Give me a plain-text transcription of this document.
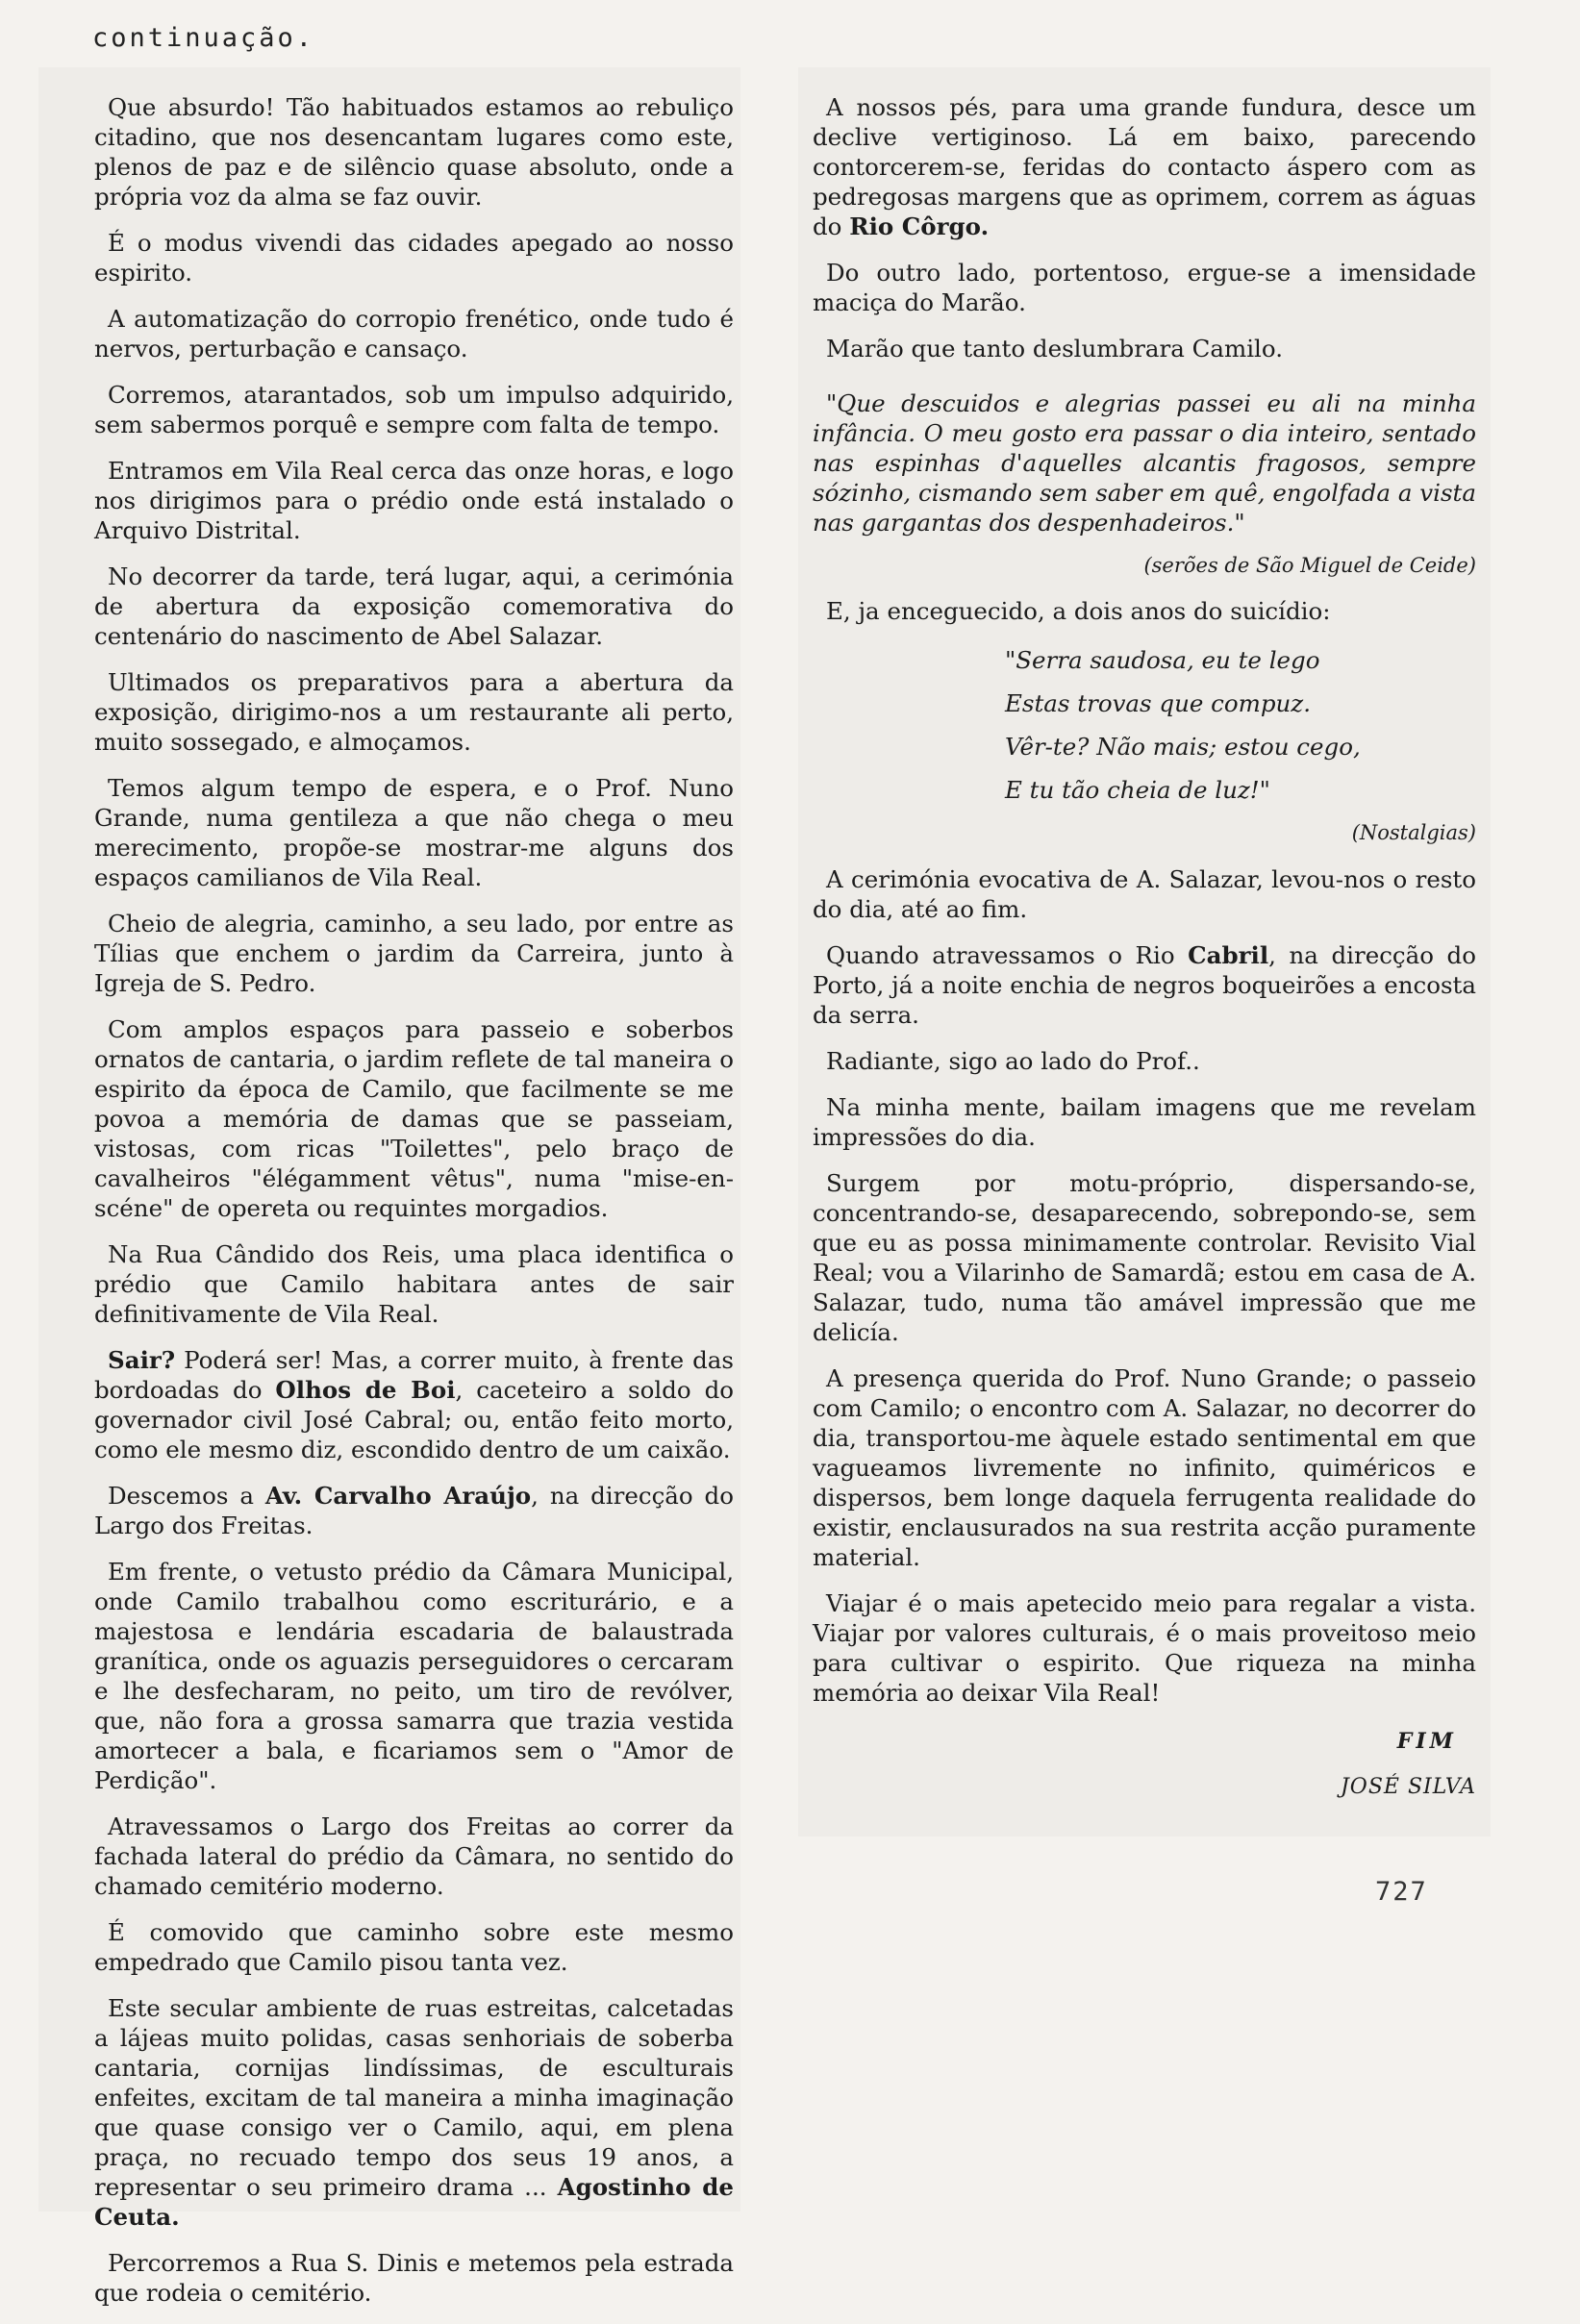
continuação.

Que absurdo! Tão habituados estamos ao rebuliço citadino, que nos desencantam lugares como este, plenos de paz e de silêncio quase absoluto, onde a própria voz da alma se faz ouvir.

É o modus vivendi das cidades apegado ao nosso espirito.

A automatização do corropio frenético, onde tudo é nervos, perturbação e cansaço.

Corremos, atarantados, sob um impulso adquirido, sem sabermos porquê e sempre com falta de tempo.

Entramos em Vila Real cerca das onze horas, e logo nos dirigimos para o prédio onde está instalado o Arquivo Distrital.

No decorrer da tarde, terá lugar, aqui, a cerimónia de abertura da exposição comemorativa do centenário do nascimento de Abel Salazar.

Ultimados os preparativos para a abertura da exposição, dirigimo-nos a um restaurante ali perto, muito sossegado, e almoçamos.

Temos algum tempo de espera, e o Prof. Nuno Grande, numa gentileza a que não chega o meu merecimento, propõe-se mostrar-me alguns dos espaços camilianos de Vila Real.

Cheio de alegria, caminho, a seu lado, por entre as Tílias que enchem o jardim da Carreira, junto à Igreja de S. Pedro.

Com amplos espaços para passeio e soberbos ornatos de cantaria, o jardim reflete de tal maneira o espirito da época de Camilo, que facilmente se me povoa a memória de damas que se passeiam, vistosas, com ricas "Toilettes", pelo braço de cavalheiros "élégamment vêtus", numa "mise-en-scéne" de opereta ou requintes morgadios.

Na Rua Cândido dos Reis, uma placa identifica o prédio que Camilo habitara antes de sair definitivamente de Vila Real.

Sair? Poderá ser! Mas, a correr muito, à frente das bordoadas do Olhos de Boi, caceteiro a soldo do governador civil José Cabral; ou, então feito morto, como ele mesmo diz, escondido dentro de um caixão.

Descemos a Av. Carvalho Araújo, na direcção do Largo dos Freitas.

Em frente, o vetusto prédio da Câmara Municipal, onde Camilo trabalhou como escriturário, e a majestosa e lendária escadaria de balaustrada granítica, onde os aguazis perseguidores o cercaram e lhe desfecharam, no peito, um tiro de revólver, que, não fora a grossa samarra que trazia vestida amortecer a bala, e ficariamos sem o "Amor de Perdição".

Atravessamos o Largo dos Freitas ao correr da fachada lateral do prédio da Câmara, no sentido do chamado cemitério moderno.

É comovido que caminho sobre este mesmo empedrado que Camilo pisou tanta vez.

Este secular ambiente de ruas estreitas, calcetadas a lájeas muito polidas, casas senhoriais de soberba cantaria, cornijas lindíssimas, de esculturais enfeites, excitam de tal maneira a minha imaginação que quase consigo ver o Camilo, aqui, em plena praça, no recuado tempo dos seus 19 anos, a representar o seu primeiro drama ... Agostinho de Ceuta.

Percorremos a Rua S. Dinis e metemos pela estrada que rodeia o cemitério.

A nossos pés, para uma grande fundura, desce um declive vertiginoso. Lá em baixo, parecendo contorcerem-se, feridas do contacto áspero com as pedregosas margens que as oprimem, correm as águas do Rio Côrgo.

Do outro lado, portentoso, ergue-se a imensidade maciça do Marão.

Marão que tanto deslumbrara Camilo.

"Que descuidos e alegrias passei eu ali na minha infância. O meu gosto era passar o dia inteiro, sentado nas espinhas d'aquelles alcantis fragosos, sempre sózinho, cismando sem saber em quê, engolfada a vista nas gargantas dos despenhadeiros."

(serões de São Miguel de Ceide)

E, ja enceguecido, a dois anos do suicídio:

"Serra saudosa, eu te lego

Estas trovas que compuz.

Vêr-te? Não mais; estou cego,

E tu tão cheia de luz!"

(Nostalgias)

A cerimónia evocativa de A. Salazar, levou-nos o resto do dia, até ao fim.

Quando atravessamos o Rio Cabril, na direcção do Porto, já a noite enchia de negros boqueirões a encosta da serra.

Radiante, sigo ao lado do Prof..

Na minha mente, bailam imagens que me revelam impressões do dia.

Surgem por motu-próprio, dispersando-se, concentrando-se, desaparecendo, sobrepondo-se, sem que eu as possa minimamente controlar. Revisito Vial Real; vou a Vilarinho de Samardã; estou em casa de A. Salazar, tudo, numa tão amável impressão que me delicía.

A presença querida do Prof. Nuno Grande; o passeio com Camilo; o encontro com A. Salazar, no decorrer do dia, transportou-me àquele estado sentimental em que vagueamos livremente no infinito, quiméricos e dispersos, bem longe daquela ferrugenta realidade do existir, enclausurados na sua restrita acção puramente material.

Viajar é o mais apetecido meio para regalar a vista. Viajar por valores culturais, é o mais proveitoso meio para cultivar o espirito. Que riqueza na minha memória ao deixar Vila Real!

FIM
JOSÉ SILVA
727
